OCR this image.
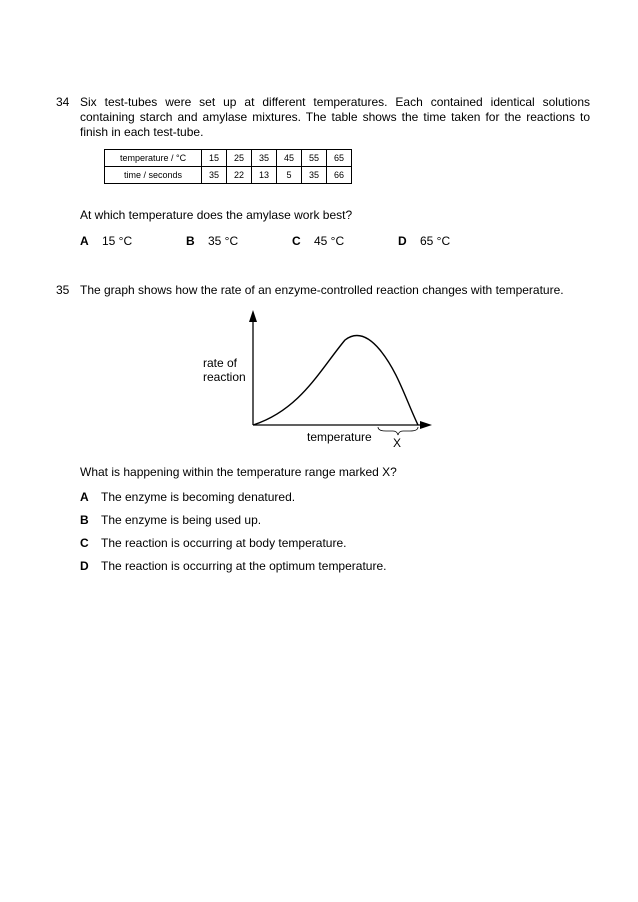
34 Six test-tubes were set up at different temperatures. Each contained identical solutions containing starch and amylase mixtures. The table shows the time taken for the reactions to finish in each test-tube.
temperature / °C	15	25	35	45	55	65
time / seconds	35	22	13	5	35	66
At which temperature does the amylase work best?
A 15 °C	B 35 °C	C 45 °C	D 65 °C
35 The graph shows how the rate of an enzyme-controlled reaction changes with temperature.
rate of
reaction
temperature X
What is happening within the temperature range marked X?
A The enzyme is becoming denatured.
B The enzyme is being used up.
C The reaction is occurring at body temperature.
D The reaction is occurring at the optimum temperature.
